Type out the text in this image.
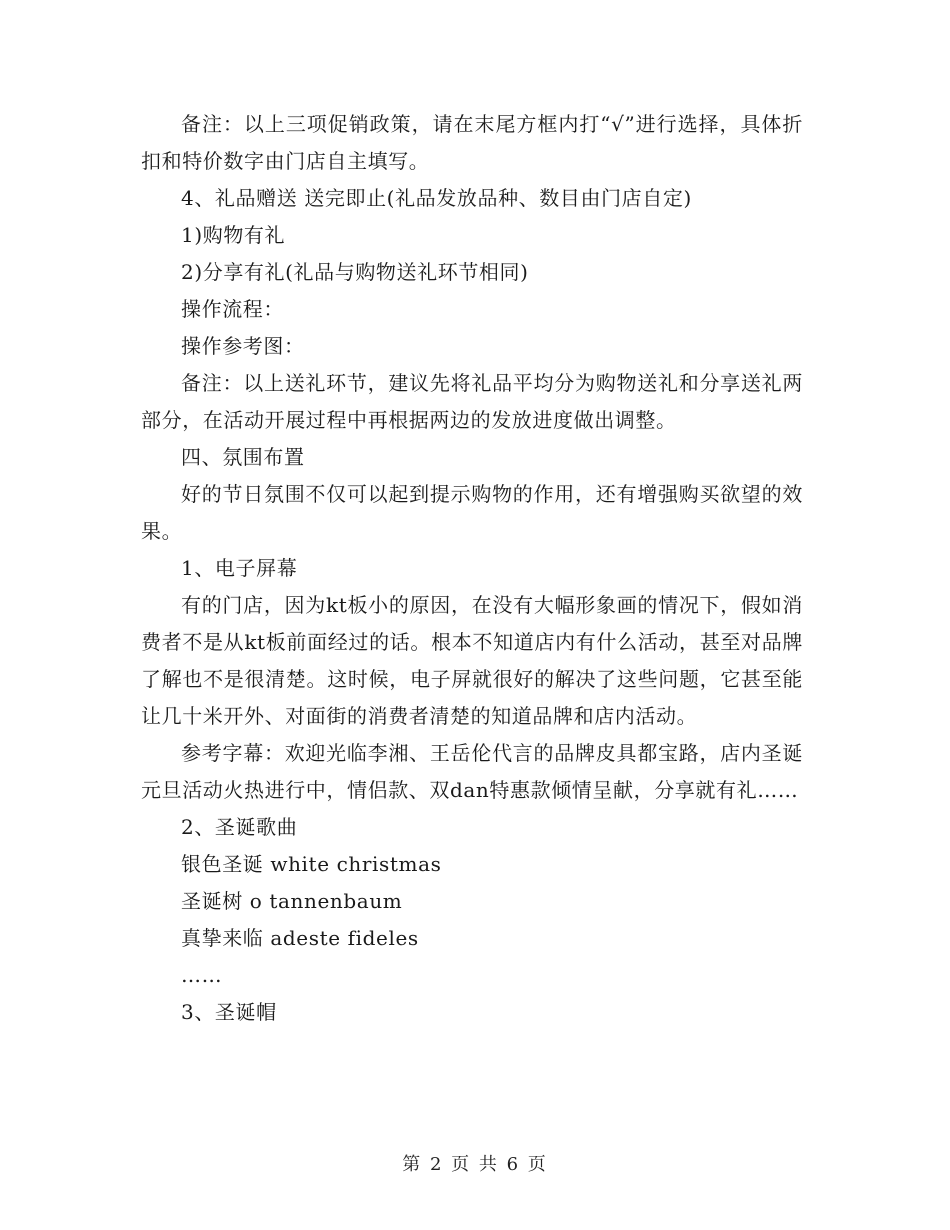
备注：以上三项促销政策，请在末尾方框内打“√”进行选择，具体折扣和特价数字由门店自主填写。

4、礼品赠送 送完即止(礼品发放品种、数目由门店自定)

1)购物有礼

2)分享有礼(礼品与购物送礼环节相同)

操作流程：

操作参考图：

备注：以上送礼环节，建议先将礼品平均分为购物送礼和分享送礼两部分，在活动开展过程中再根据两边的发放进度做出调整。

四、氛围布置

好的节日氛围不仅可以起到提示购物的作用，还有增强购买欲望的效果。

1、电子屏幕

有的门店，因为kt板小的原因，在没有大幅形象画的情况下，假如消费者不是从kt板前面经过的话。根本不知道店内有什么活动，甚至对品牌了解也不是很清楚。这时候，电子屏就很好的解决了这些问题，它甚至能让几十米开外、对面街的消费者清楚的知道品牌和店内活动。

参考字幕：欢迎光临李湘、王岳伦代言的品牌皮具都宝路，店内圣诞元旦活动火热进行中，情侣款、双dan特惠款倾情呈献，分享就有礼……

2、圣诞歌曲

银色圣诞 white christmas

圣诞树 o tannenbaum

真挚来临 adeste fideles

……

3、圣诞帽

第 2 页 共 6 页
